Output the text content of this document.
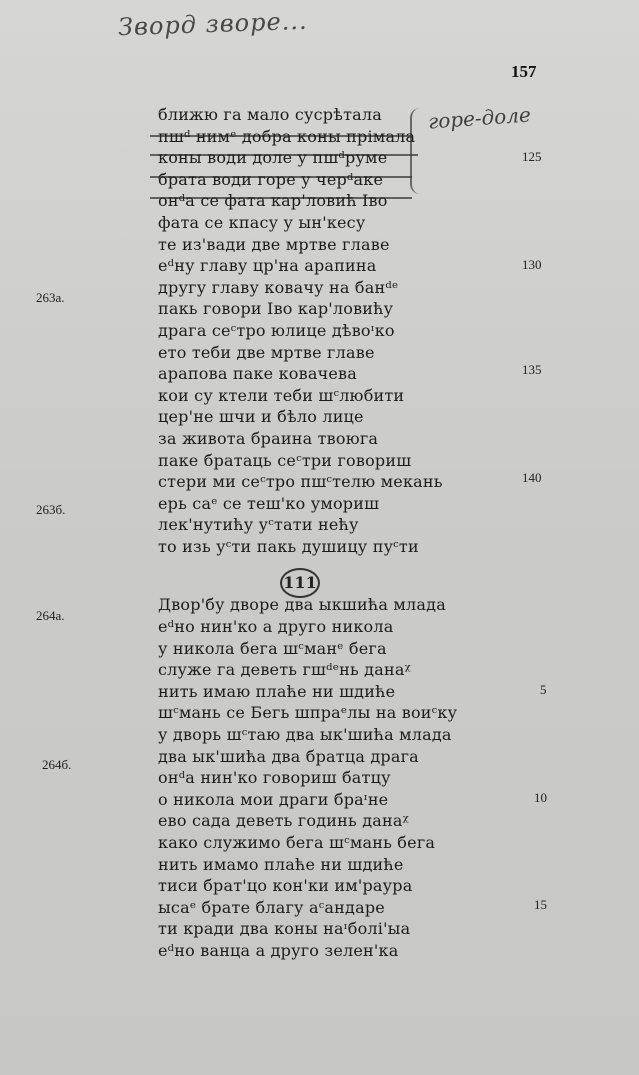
Зворд зворе...
157
горе-доле
ближю га мало сусрѣтала
пшᵈ нимᵉ добра коны прімала
коны води доле у пшᵈруме
брата води горе у черᵈаке
онᵈа се фата кар'ловић Іво
фата се кпасу у ын'кесу
те из'вади две мртве главе
еᵈну главу цр'на арапина
другу главу ковачу на банᵈᵉ
пакь говори Іво кар'ловићу
драга сеᶜтро юлице дѣвоᶦко
ето теби две мртве главе
арапова паке ковачева
кои су ктели теби шᶜлюбити
цер'не шчи и бѣло лице
за живота браина твоюга
паке братаць сеᶜтри говориш
стери ми сеᶜтро пшᶜтелю мекань
ерь саᵉ се теш'ко умориш
лек'нутићу уᶜтати нећу
то изь уᶜти пакь душицу пуᶜти
Двор'бу дворе два ыкшића млада
еᵈно нин'ко а друго никола
у никола бега шᶜманᵉ бега
служе га деветь гшᵈᵉнь данаᵡ
нить имаю плаће ни шдиће
шᶜмань се Бегь шпраᵉлы на воиᶜку
у дворь шᶜтаю два ык'шића млада
два ык'шића два братца драга
онᵈа нин'ко говориш батцу
о никола мои драги браᶦне
ево сада деветь годинь данаᵡ
како служимо бега шᶜмань бега
нить имамо плаће ни шдиће
тиси брат'цо кон'ки им'раура
ысаᵉ брате благу аᶜандаре
ти кради два коны наᶦболі'ыа
еᵈно ванца а друго зелен'ка
111
125
130
135
140
263а.
263б.
5
10
15
264а.
264б.
